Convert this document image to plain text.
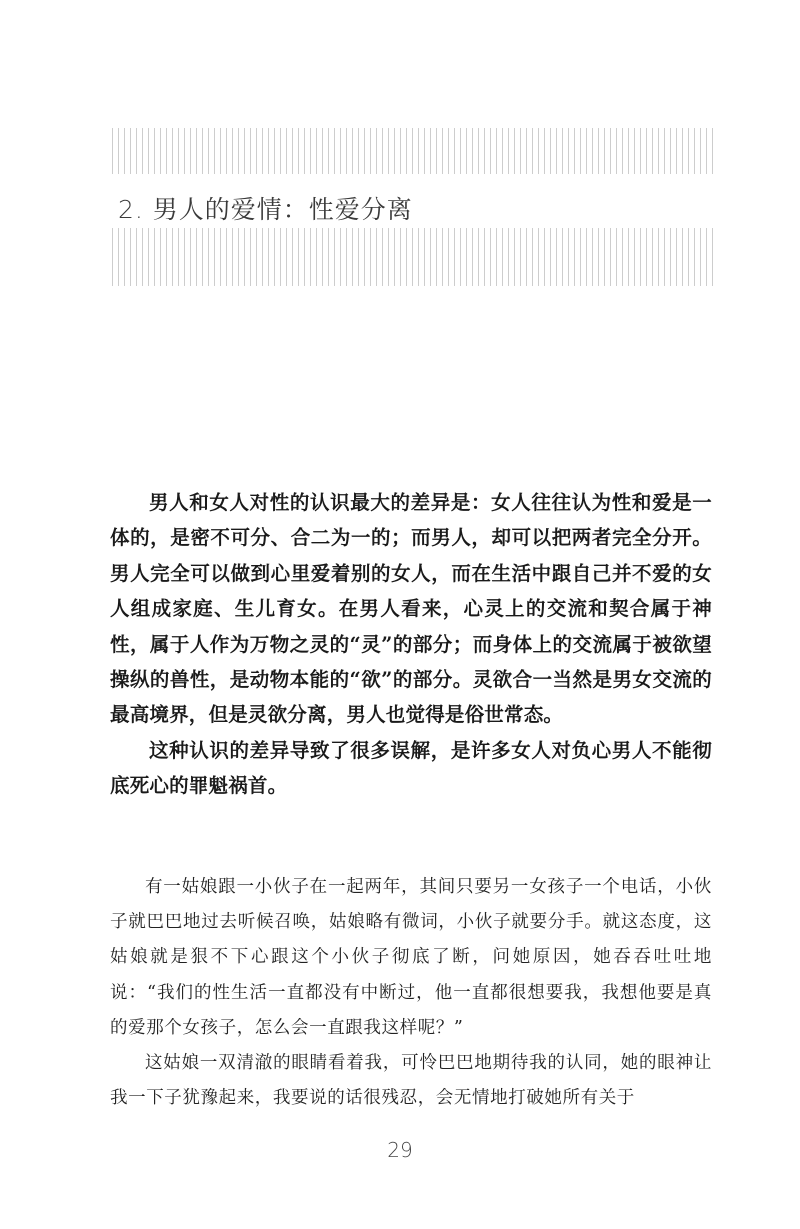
2. 男人的爱情：性爱分离

男人和女人对性的认识最大的差异是：女人往往认为性和爱是一体的，是密不可分、合二为一的；而男人，却可以把两者完全分开。男人完全可以做到心里爱着别的女人，而在生活中跟自己并不爱的女人组成家庭、生儿育女。在男人看来，心灵上的交流和契合属于神性，属于人作为万物之灵的“灵”的部分；而身体上的交流属于被欲望操纵的兽性，是动物本能的“欲”的部分。灵欲合一当然是男女交流的最高境界，但是灵欲分离，男人也觉得是俗世常态。

这种认识的差异导致了很多误解，是许多女人对负心男人不能彻底死心的罪魁祸首。

有一姑娘跟一小伙子在一起两年，其间只要另一女孩子一个电话，小伙子就巴巴地过去听候召唤，姑娘略有微词，小伙子就要分手。就这态度，这姑娘就是狠不下心跟这个小伙子彻底了断，问她原因，她吞吞吐吐地说：“我们的性生活一直都没有中断过，他一直都很想要我，我想他要是真的爱那个女孩子，怎么会一直跟我这样呢？”

这姑娘一双清澈的眼睛看着我，可怜巴巴地期待我的认同，她的眼神让我一下子犹豫起来，我要说的话很残忍，会无情地打破她所有关于

29
